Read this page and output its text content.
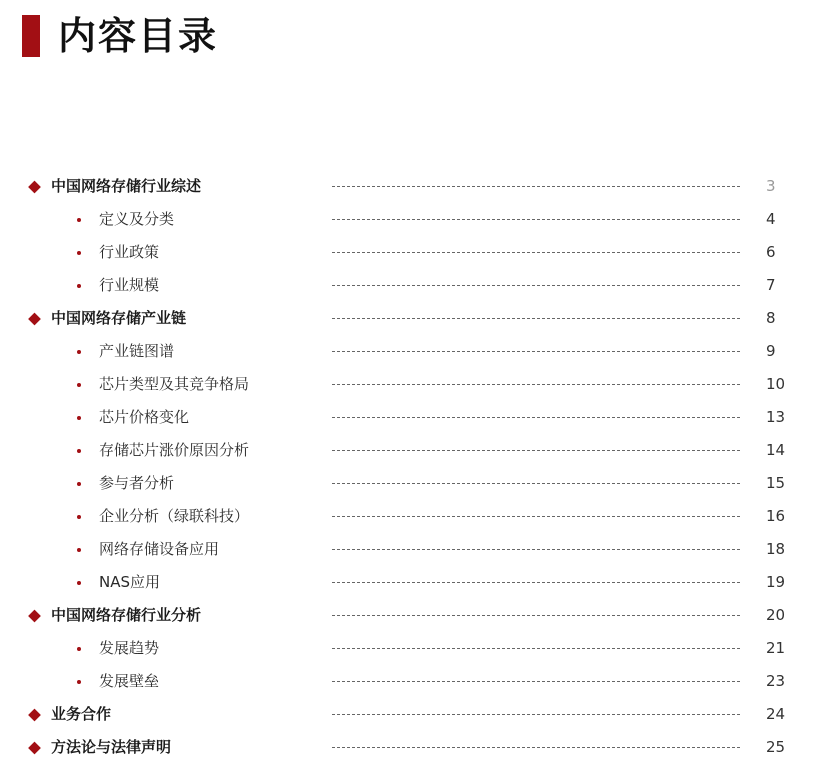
内容目录
中国网络存储行业综述	3
定义及分类	4
行业政策	6
行业规模	7
中国网络存储产业链	8
产业链图谱	9
芯片类型及其竞争格局	10
芯片价格变化	13
存储芯片涨价原因分析	14
参与者分析	15
企业分析（绿联科技）	16
网络存储设备应用	18
NAS应用	19
中国网络存储行业分析	20
发展趋势	21
发展壁垒	23
业务合作	24
方法论与法律声明	25
